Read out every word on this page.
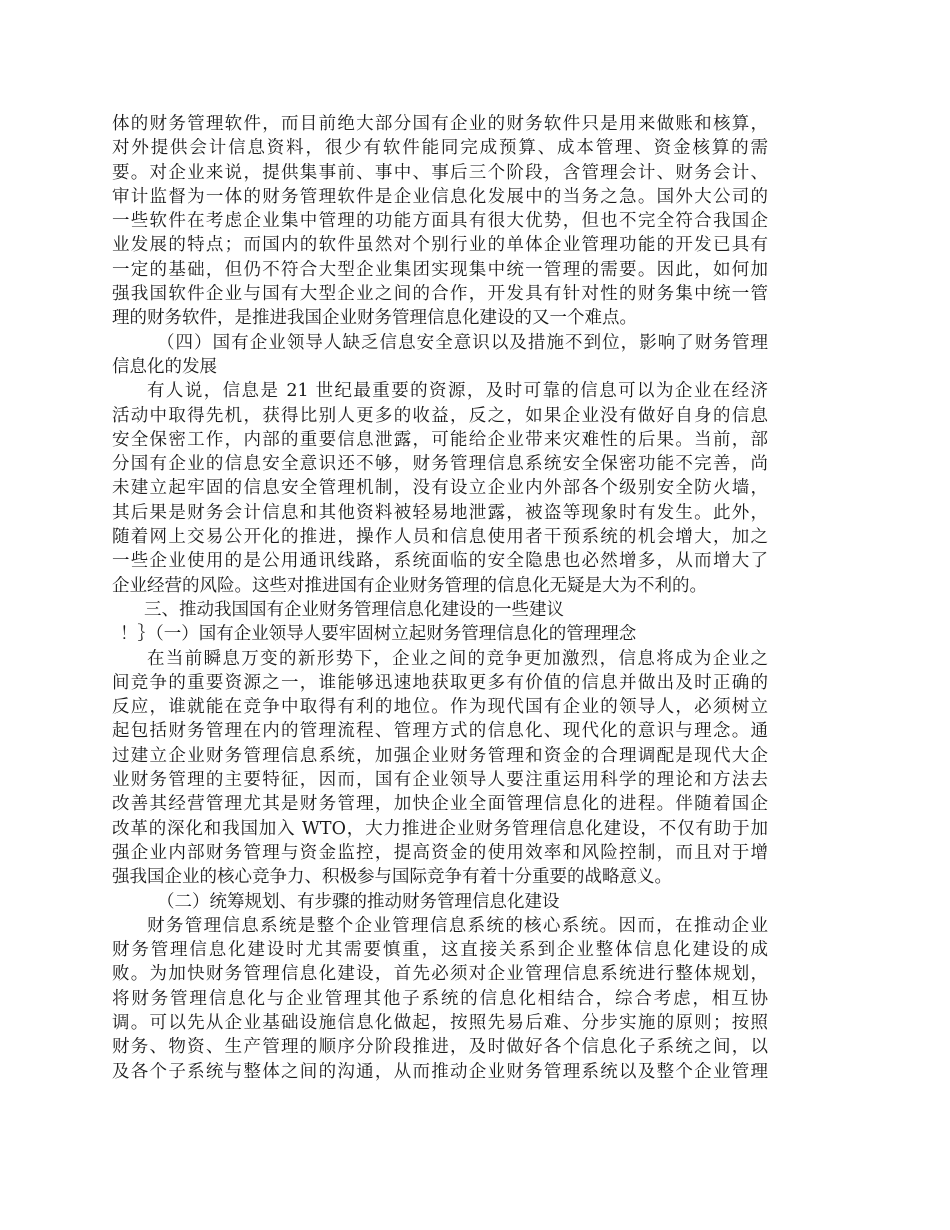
体的财务管理软件，而目前绝大部分国有企业的财务软件只是用来做账和核算，
对外提供会计信息资料，很少有软件能同完成预算、成本管理、资金核算的需
要。对企业来说，提供集事前、事中、事后三个阶段，含管理会计、财务会计、
审计监督为一体的财务管理软件是企业信息化发展中的当务之急。国外大公司的
一些软件在考虑企业集中管理的功能方面具有很大优势，但也不完全符合我国企
业发展的特点；而国内的软件虽然对个别行业的单体企业管理功能的开发已具有
一定的基础，但仍不符合大型企业集团实现集中统一管理的需要。因此，如何加
强我国软件企业与国有大型企业之间的合作，开发具有针对性的财务集中统一管
理的财务软件，是推进我国企业财务管理信息化建设的又一个难点。
（四）国有企业领导人缺乏信息安全意识以及措施不到位，影响了财务管理
信息化的发展
有人说，信息是 21 世纪最重要的资源，及时可靠的信息可以为企业在经济
活动中取得先机，获得比别人更多的收益，反之，如果企业没有做好自身的信息
安全保密工作，内部的重要信息泄露，可能给企业带来灾难性的后果。当前，部
分国有企业的信息安全意识还不够，财务管理信息系统安全保密功能不完善，尚
未建立起牢固的信息安全管理机制，没有设立企业内外部各个级别安全防火墙，
其后果是财务会计信息和其他资料被轻易地泄露，被盗等现象时有发生。此外，
随着网上交易公开化的推进，操作人员和信息使用者干预系统的机会增大，加之
一些企业使用的是公用通讯线路，系统面临的安全隐患也必然增多，从而增大了
企业经营的风险。这些对推进国有企业财务管理的信息化无疑是大为不利的。
三、推动我国国有企业财务管理信息化建设的一些建议
！｝（一）国有企业领导人要牢固树立起财务管理信息化的管理理念
在当前瞬息万变的新形势下，企业之间的竞争更加激烈，信息将成为企业之
间竞争的重要资源之一，谁能够迅速地获取更多有价值的信息并做出及时正确的
反应，谁就能在竞争中取得有利的地位。作为现代国有企业的领导人，必须树立
起包括财务管理在内的管理流程、管理方式的信息化、现代化的意识与理念。通
过建立企业财务管理信息系统，加强企业财务管理和资金的合理调配是现代大企
业财务管理的主要特征，因而，国有企业领导人要注重运用科学的理论和方法去
改善其经营管理尤其是财务管理，加快企业全面管理信息化的进程。伴随着国企
改革的深化和我国加入 WTO，大力推进企业财务管理信息化建设，不仅有助于加
强企业内部财务管理与资金监控，提高资金的使用效率和风险控制，而且对于增
强我国企业的核心竞争力、积极参与国际竞争有着十分重要的战略意义。
（二）统筹规划、有步骤的推动财务管理信息化建设
财务管理信息系统是整个企业管理信息系统的核心系统。因而，在推动企业
财务管理信息化建设时尤其需要慎重，这直接关系到企业整体信息化建设的成
败。为加快财务管理信息化建设，首先必须对企业管理信息系统进行整体规划，
将财务管理信息化与企业管理其他子系统的信息化相结合，综合考虑，相互协
调。可以先从企业基础设施信息化做起，按照先易后难、分步实施的原则；按照
财务、物资、生产管理的顺序分阶段推进，及时做好各个信息化子系统之间，以
及各个子系统与整体之间的沟通，从而推动企业财务管理系统以及整个企业管理
